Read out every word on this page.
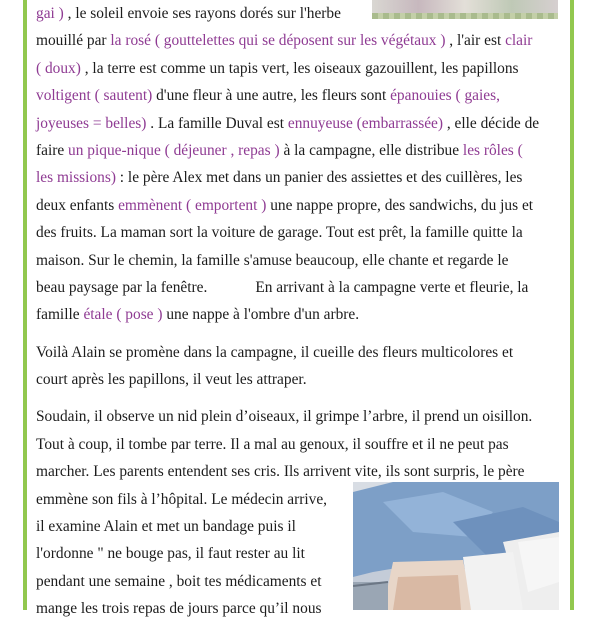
gai ) , le soleil envoie ses rayons dorés sur l'herbe
mouillé par la rosé ( gouttelettes qui se déposent sur les végétaux ) , l'air est clair
( doux) , la terre est comme un tapis vert, les oiseaux gazouillent, les papillons
voltigent ( sautent) d'une fleur à une autre, les fleurs sont épanouies ( gaies,
joyeuses = belles) . La famille Duval est ennuyeuse (embarrassée) , elle décide de
faire un pique-nique ( déjeuner , repas ) à la campagne, elle distribue les rôles (
les missions) : le père Alex met dans un panier des assiettes et des cuillères, les
deux enfants emmènent ( emportent ) une nappe propre, des sandwichs, du jus et
des fruits. La maman sort la voiture de garage. Tout est prêt, la famille quitte la
maison. Sur le chemin, la famille s'amuse beaucoup, elle chante et regarde le
beau paysage par la fenêtre.	En arrivant à la campagne verte et fleurie, la
famille étale ( pose ) une nappe à l'ombre d'un arbre.
Voilà Alain se promène dans la campagne, il cueille des fleurs multicolores et
court après les papillons, il veut les attraper.
Soudain, il observe un nid plein d’oiseaux, il grimpe l’arbre, il prend un oisillon.
Tout à coup, il tombe par terre. Il a mal au genoux, il souffre et il ne peut pas
marcher. Les parents entendent ses cris. Ils arrivent vite, ils sont surpris, le père
emmène son fils à l’hôpital. Le médecin arrive,
il examine Alain et met un bandage puis il
l'ordonne " ne bouge pas, il faut rester au lit
pendant une semaine , boit tes médicaments et
mange les trois repas de jours parce qu’il nous
